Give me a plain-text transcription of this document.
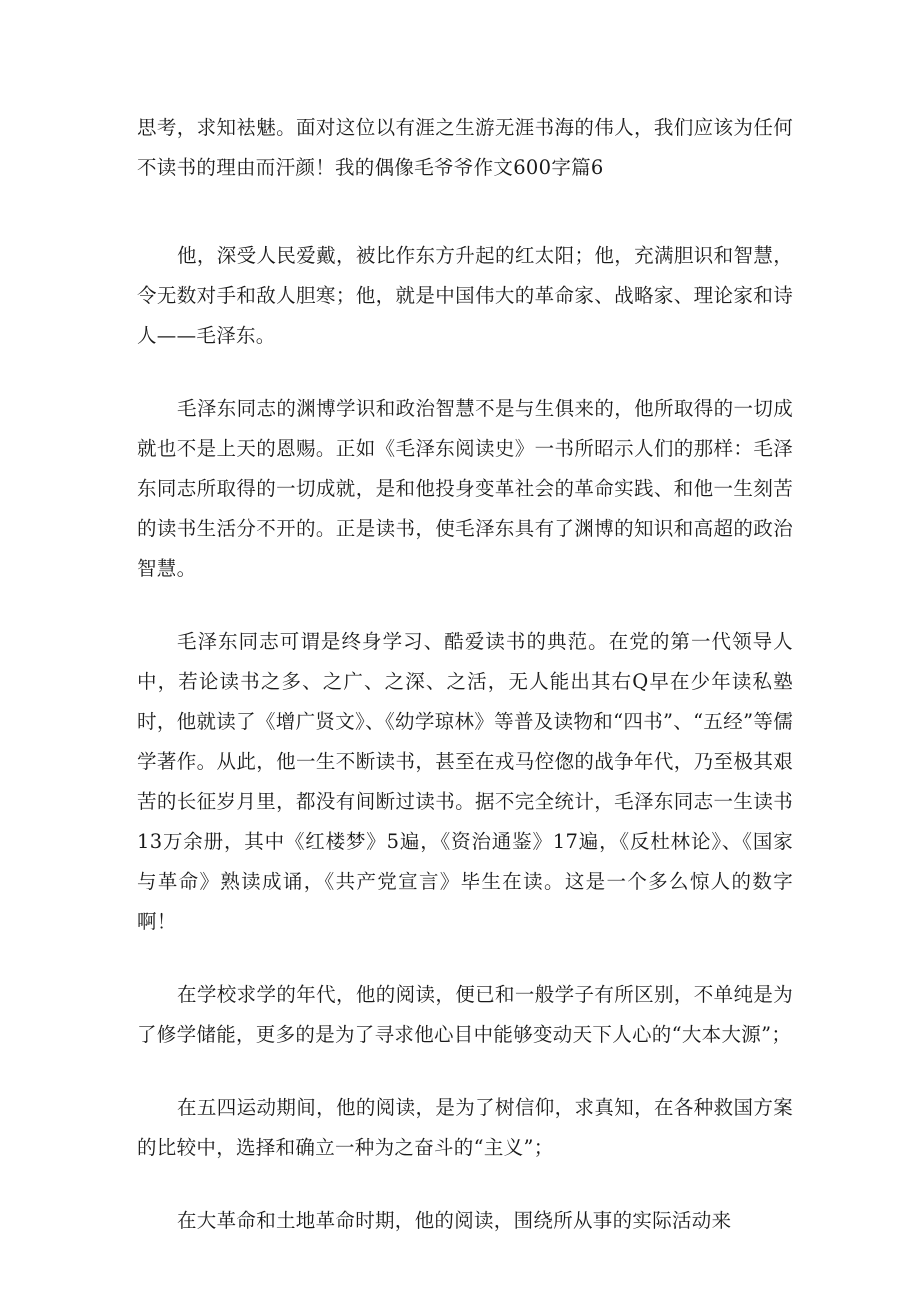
思考，求知袪魅。面对这位以有涯之生游无涯书海的伟人，我们应该为任何不读书的理由而汗颜！我的偶像毛爷爷作文600字篇6

他，深受人民爱戴，被比作东方升起的红太阳；他，充满胆识和智慧，令无数对手和敌人胆寒；他，就是中国伟大的革命家、战略家、理论家和诗人——毛泽东。

毛泽东同志的渊博学识和政治智慧不是与生俱来的，他所取得的一切成就也不是上天的恩赐。正如《毛泽东阅读史》一书所昭示人们的那样：毛泽东同志所取得的一切成就，是和他投身变革社会的革命实践、和他一生刻苦的读书生活分不开的。正是读书，使毛泽东具有了渊博的知识和高超的政治智慧。

毛泽东同志可谓是终身学习、酷爱读书的典范。在党的第一代领导人中，若论读书之多、之广、之深、之活，无人能出其右Q早在少年读私塾时，他就读了《增广贤文》、《幼学琼林》等普及读物和“四书”、“五经”等儒学著作。从此，他一生不断读书，甚至在戎马倥偬的战争年代，乃至极其艰苦的长征岁月里，都没有间断过读书。据不完全统计，毛泽东同志一生读书13万余册，其中《红楼梦》5遍，《资治通鉴》17遍，《反杜林论》、《国家与革命》熟读成诵，《共产党宣言》毕生在读。这是一个多么惊人的数字啊！

在学校求学的年代，他的阅读，便已和一般学子有所区别，不单纯是为了修学储能，更多的是为了寻求他心目中能够变动天下人心的“大本大源”；

在五四运动期间，他的阅读，是为了树信仰，求真知，在各种救国方案的比较中，选择和确立一种为之奋斗的“主义”；

在大革命和土地革命时期，他的阅读，围绕所从事的实际活动来
